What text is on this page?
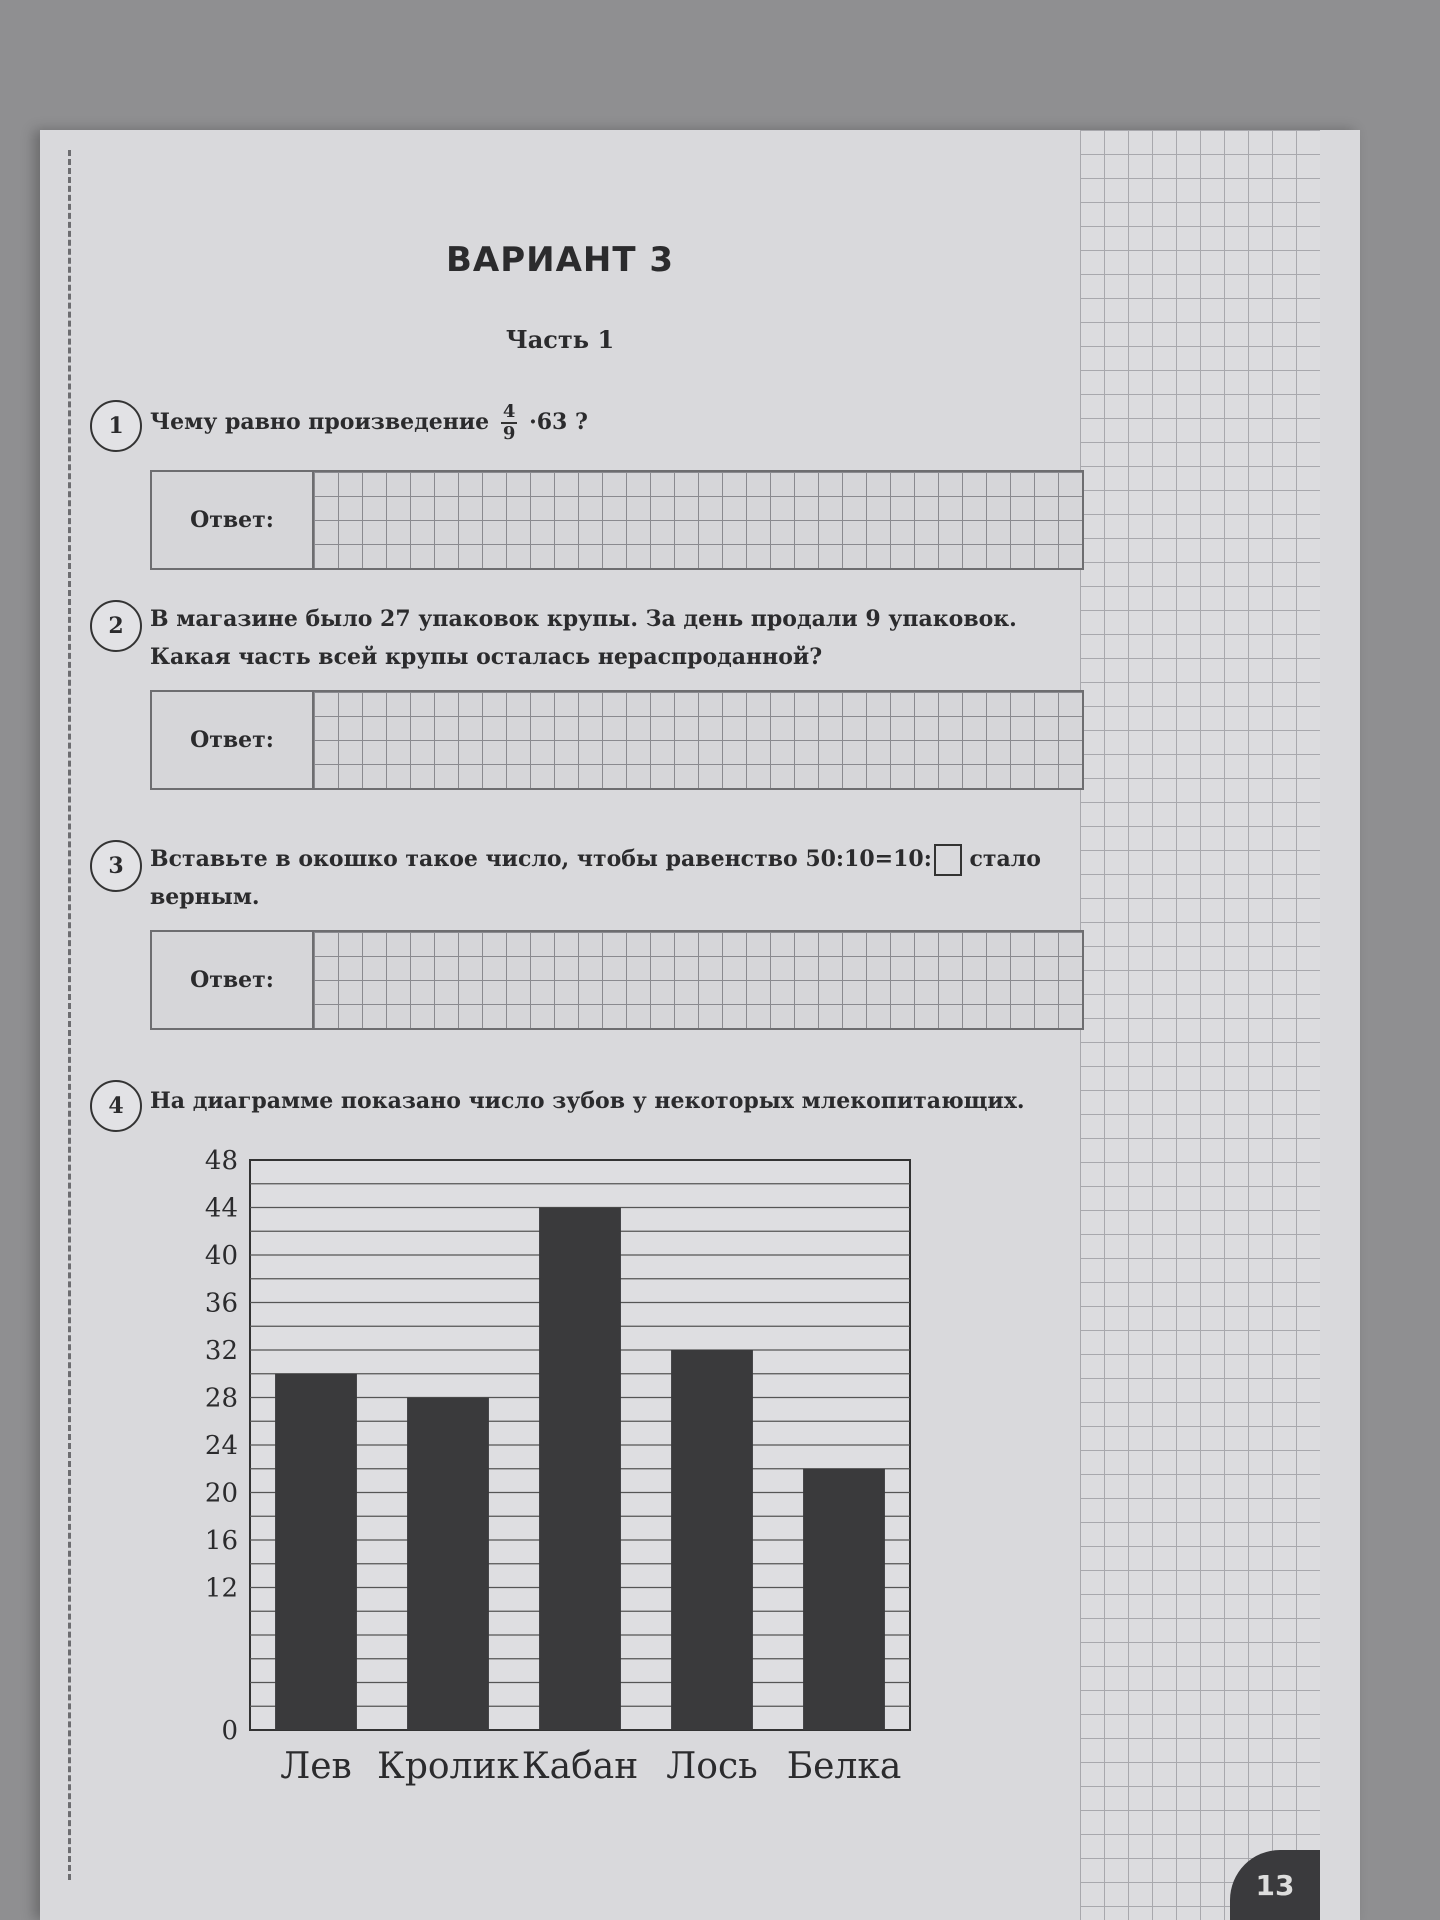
13
ВАРИАНТ 3
Часть 1
1	Чему равно произведение $\frac{4}{9} \cdot 63$ ?
Ответ:
2	В магазине было 27 упаковок крупы. За день продали 9 упаковок. Какая часть всей крупы осталась нераспроданной?
Ответ:
3	Вставьте в окошко такое число, чтобы равенство 50:10=10: стало верным.
Ответ:
4	На диаграмме показано число зубов у некоторых млекопитающих.
0
12
16
20
24
28
32
36
40
44
48
Лев Кролик Кабан Лось Белка
